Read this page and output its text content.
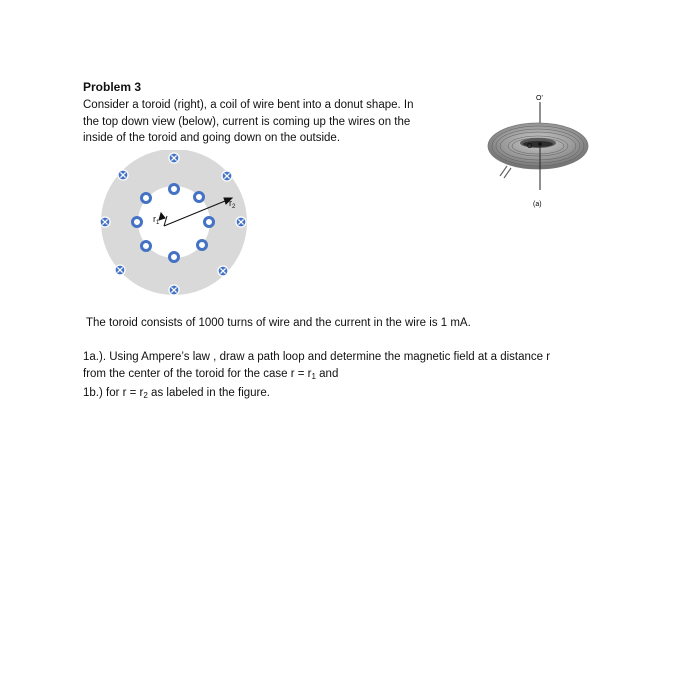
Problem 3
Consider a toroid (right), a coil of wire bent into a donut shape. In
the top down view (below), current is coming up the wires on the
inside of the toroid and going down on the outside.
$r_1$
$r_2$
O'
O
(a)
The toroid consists of 1000 turns of wire and the current in the wire is 1 mA.
1a.). Using Ampere’s law , draw a path loop and determine the magnetic field at a distance r
from the center of the toroid for the case $r = r_1$ and
1b.) for $r = r_2$ as labeled in the figure.
